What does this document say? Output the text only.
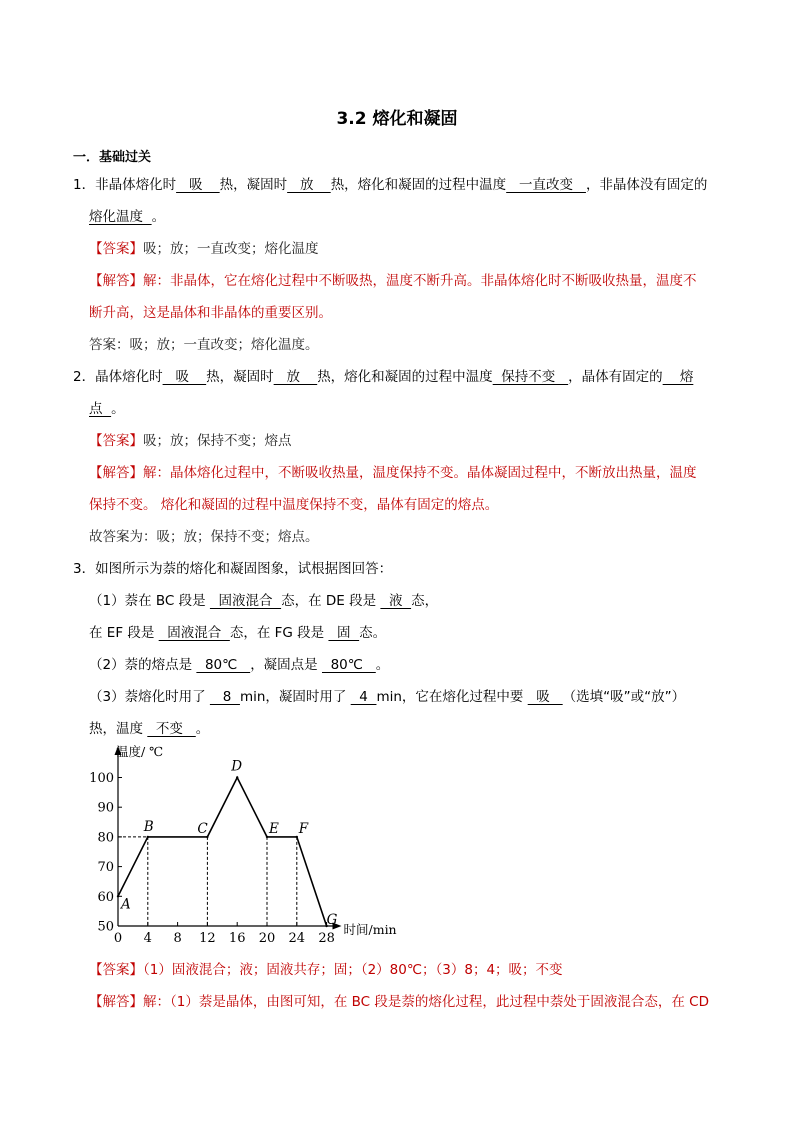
3.2 熔化和凝固
一．基础过关
1．非晶体熔化时   吸    热，凝固时   放    热，熔化和凝固的过程中温度   一直改变   ，非晶体没有固定的
熔化温度  。
【答案】吸；放；一直改变；熔化温度
【解答】解：非晶体，它在熔化过程中不断吸热，温度不断升高。非晶体熔化时不断吸收热量，温度不
断升高，这是晶体和非晶体的重要区别。
答案：吸；放；一直改变；熔化温度。
2．晶体熔化时   吸    热，凝固时   放    热，熔化和凝固的过程中温度  保持不变   ，晶体有固定的    熔
点  。
【答案】吸；放；保持不变；熔点
【解答】解：晶体熔化过程中，不断吸收热量，温度保持不变。晶体凝固过程中，不断放出热量，温度
保持不变。 熔化和凝固的过程中温度保持不变，晶体有固定的熔点。
故答案为：吸；放；保持不变；熔点。
3．如图所示为萘的熔化和凝固图象，试根据图回答：
（1）萘在 BC 段是   固液混合  态，在 DE 段是   液  态，
在 EF 段是   固液混合  态，在 FG 段是   固  态。
（2）萘的熔点是   80℃   ，凝固点是   80℃   。
（3）萘熔化时用了    8  min，凝固时用了   4  min，它在熔化过程中要   吸   （选填“吸”或“放”）
热，温度   不变   。
温度/ ℃
时间/min
0 4 8 12 16 20 24 28
50
60
70
80
90
100
A
B	C
D
E F
G
【答案】（1）固液混合；液；固液共存；固；（2）80℃；（3）8；4；吸；不变
【解答】解：（1）萘是晶体，由图可知，在 BC 段是萘的熔化过程，此过程中萘处于固液混合态，在 CD
